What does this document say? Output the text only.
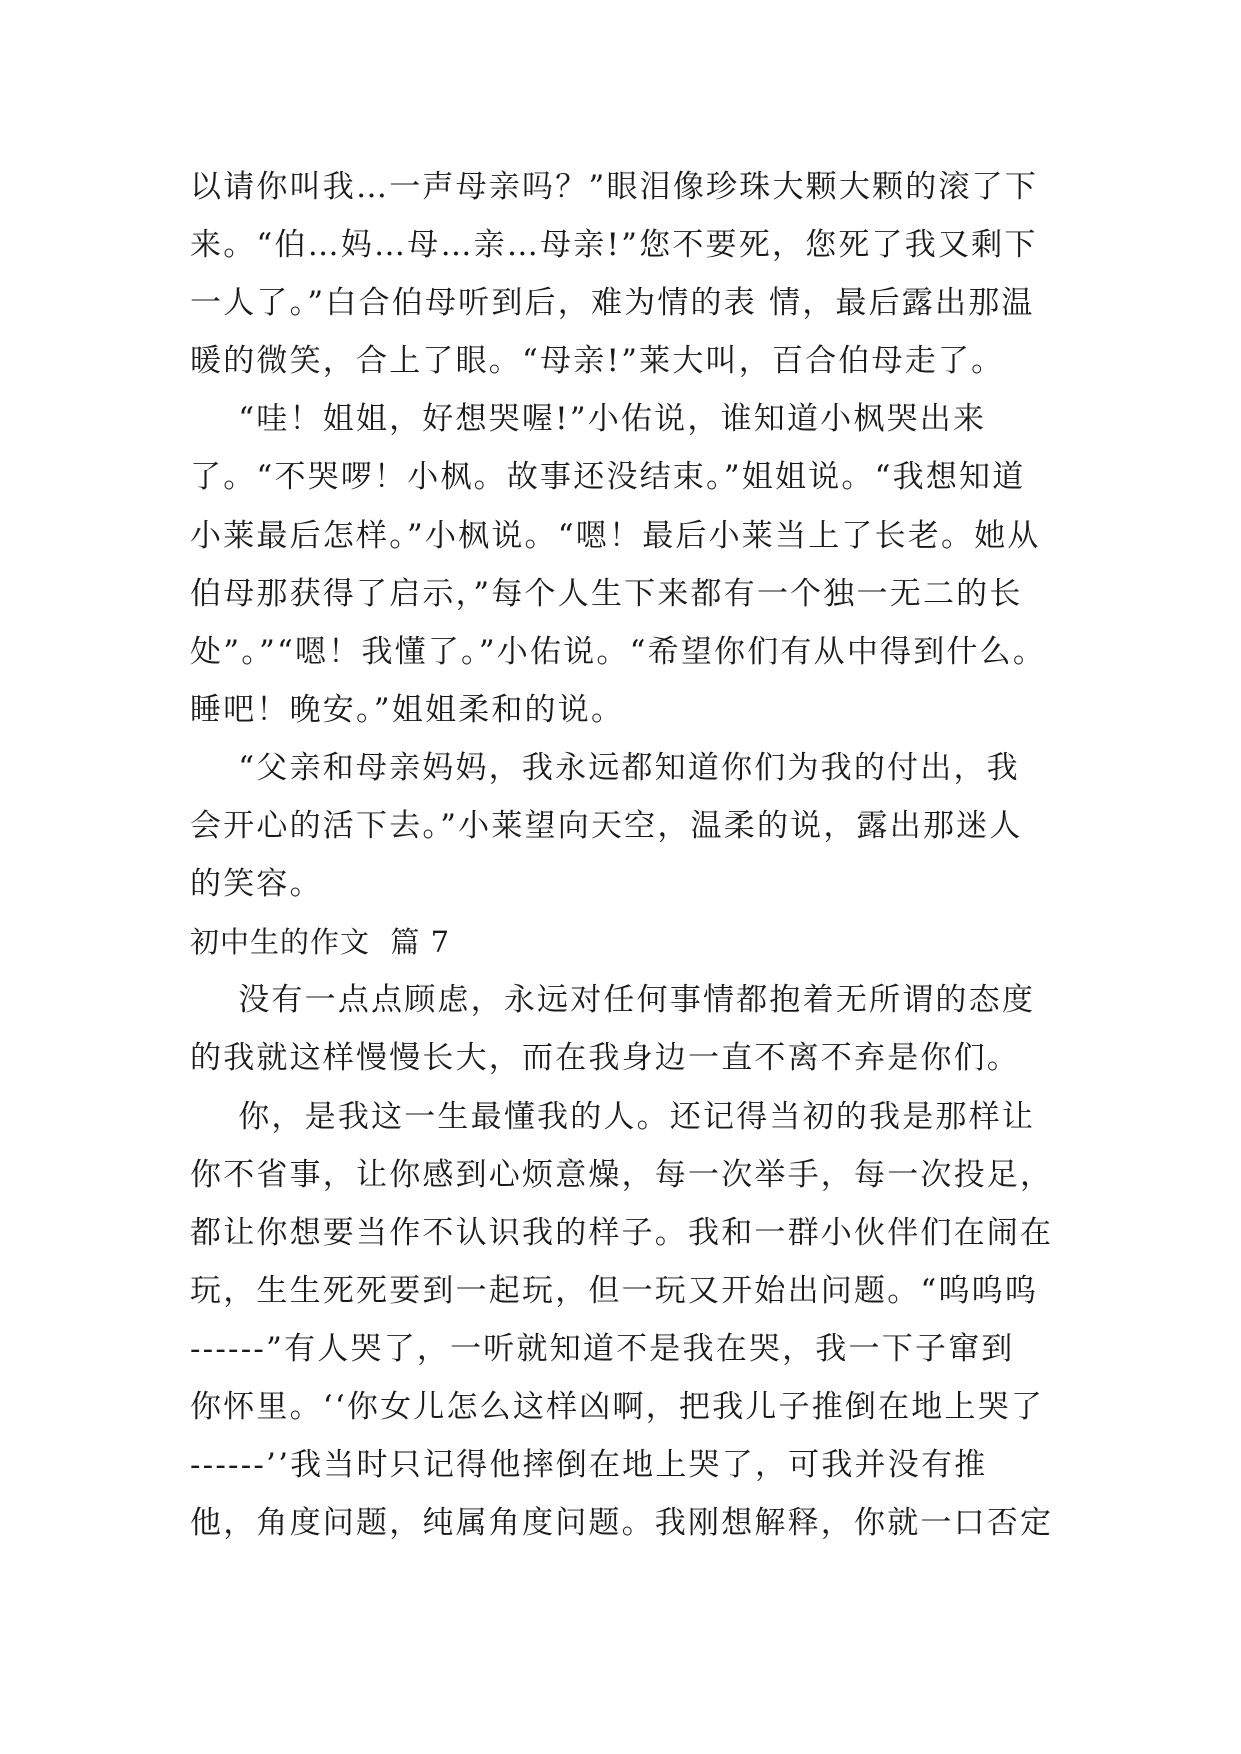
以请你叫我…一声母亲吗？”眼泪像珍珠大颗大颗的滚了下
来。“伯…妈…母…亲…母亲!”您不要死，您死了我又剩下
一人了。”白合伯母听到后，难为情的表 情，最后露出那温
暖的微笑，合上了眼。“母亲!”莱大叫，百合伯母走了。
“哇！姐姐，好想哭喔!”小佑说，谁知道小枫哭出来
了。“不哭啰！小枫。故事还没结束。”姐姐说。“我想知道
小莱最后怎样。”小枫说。“嗯！最后小莱当上了长老。她从
伯母那获得了启示，”每个人生下来都有一个独一无二的长
处”。”“嗯！我懂了。”小佑说。“希望你们有从中得到什么。
睡吧！晚安。”姐姐柔和的说。
“父亲和母亲妈妈，我永远都知道你们为我的付出，我
会开心的活下去。”小莱望向天空，温柔的说，露出那迷人
的笑容。
初中生的作文  篇 7
没有一点点顾虑，永远对任何事情都抱着无所谓的态度
的我就这样慢慢长大，而在我身边一直不离不弃是你们。
你，是我这一生最懂我的人。还记得当初的我是那样让
你不省事，让你感到心烦意燥，每一次举手，每一次投足，
都让你想要当作不认识我的样子。我和一群小伙伴们在闹在
玩，生生死死要到一起玩，但一玩又开始出问题。“呜呜呜
------”有人哭了，一听就知道不是我在哭，我一下子窜到
你怀里。‘‘你女儿怎么这样凶啊，把我儿子推倒在地上哭了
------’’我当时只记得他摔倒在地上哭了，可我并没有推
他，角度问题，纯属角度问题。我刚想解释，你就一口否定
